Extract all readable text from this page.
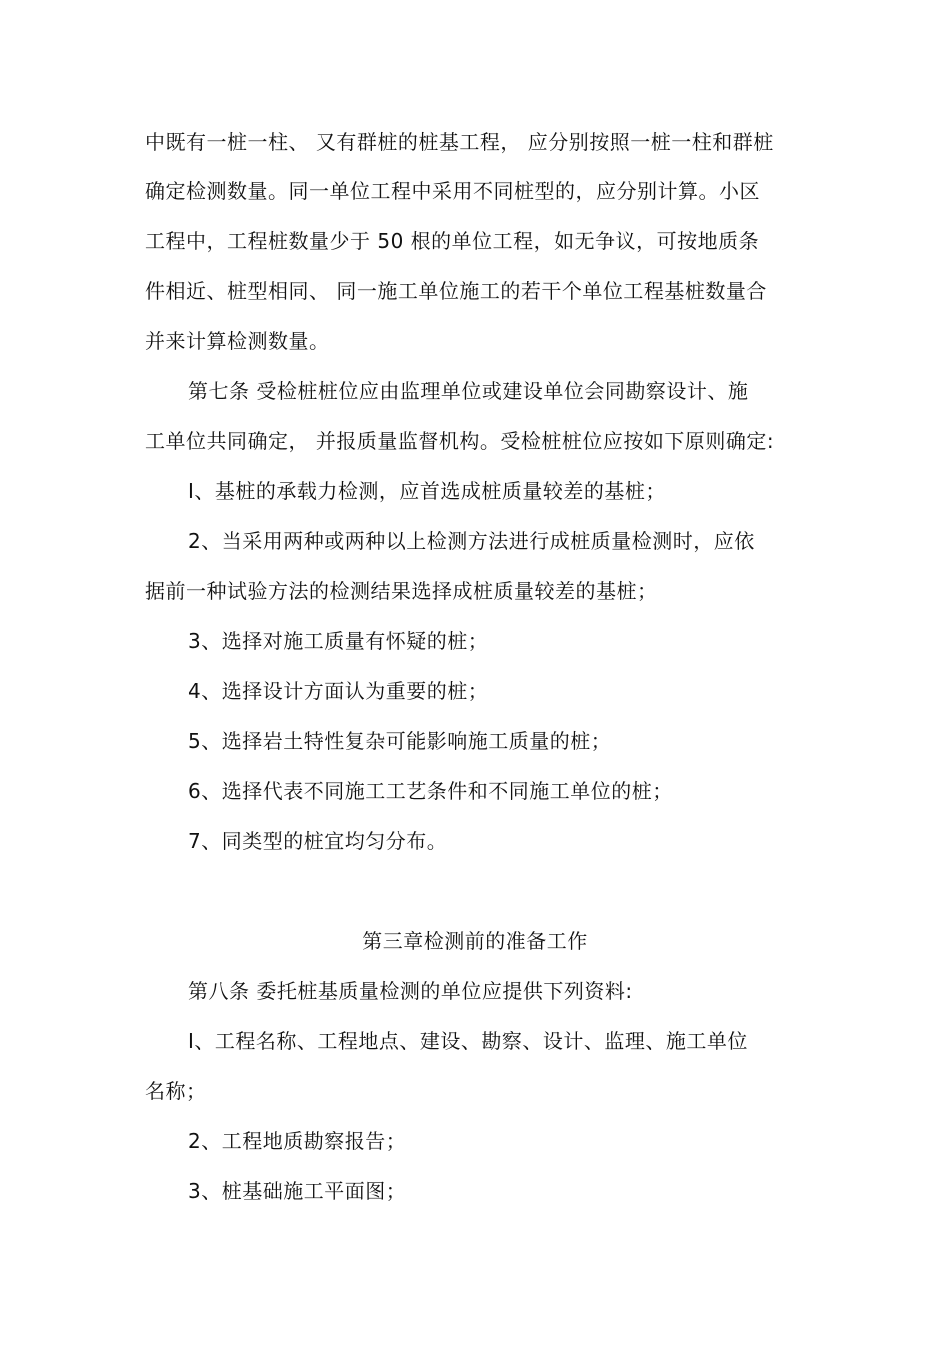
中既有一桩一柱、 又有群桩的桩基工程， 应分别按照一桩一柱和群桩
确定检测数量。同一单位工程中采用不同桩型的，应分别计算。小区
工程中，工程桩数量少于 50 根的单位工程，如无争议，可按地质条
件相近、桩型相同、 同一施工单位施工的若干个单位工程基桩数量合
并来计算检测数量。
第七条 受检桩桩位应由监理单位或建设单位会同勘察设计、施
工单位共同确定， 并报质量监督机构。受检桩桩位应按如下原则确定:
I、基桩的承载力检测，应首选成桩质量较差的基桩；
2、当采用两种或两种以上检测方法进行成桩质量检测时，应依
据前一种试验方法的检测结果选择成桩质量较差的基桩；
3、选择对施工质量有怀疑的桩；
4、选择设计方面认为重要的桩；
5、选择岩土特性复杂可能影响施工质量的桩；
6、选择代表不同施工工艺条件和不同施工单位的桩；
7、同类型的桩宜均匀分布。
第三章检测前的准备工作
第八条 委托桩基质量检测的单位应提供下列资料:
I、工程名称、工程地点、建设、勘察、设计、监理、施工单位
名称；
2、工程地质勘察报告；
3、桩基础施工平面图；
